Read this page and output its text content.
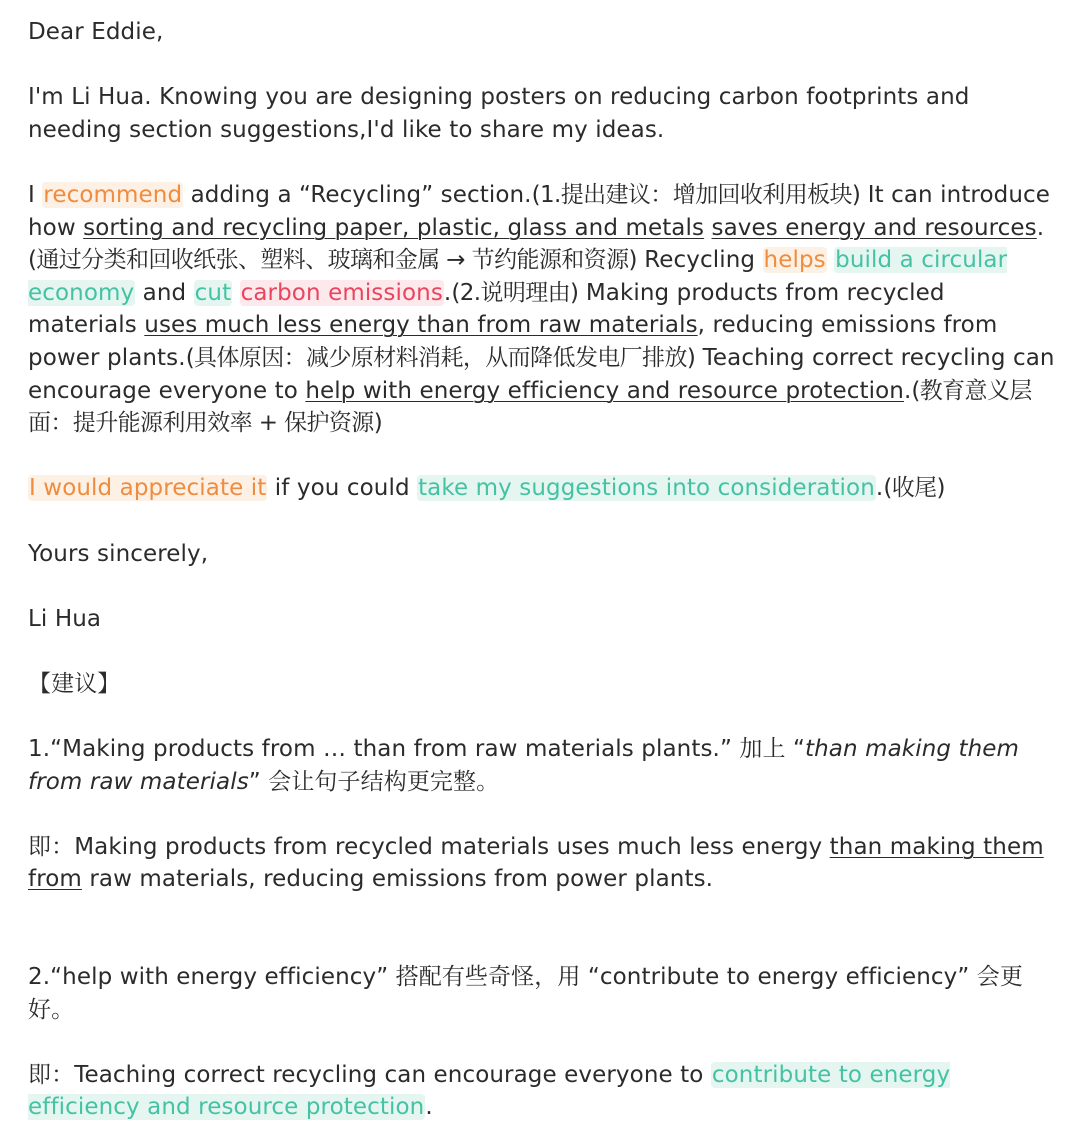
Dear Eddie,

I'm Li Hua. Knowing you are designing posters on reducing carbon footprints and needing section suggestions,I'd like to share my ideas.

I recommend adding a “Recycling” section.(1.提出建议：增加回收利用板块) It can introduce how sorting and recycling paper, plastic, glass and metals saves energy and resources.(通过分类和回收纸张、塑料、玻璃和金属 → 节约能源和资源) Recycling helps build a circular economy and cut carbon emissions.(2.说明理由) Making products from recycled materials uses much less energy than from raw materials, reducing emissions from power plants.(具体原因：减少原材料消耗，从而降低发电厂排放) Teaching correct recycling can encourage everyone to help with energy efficiency and resource protection.(教育意义层面：提升能源利用效率 + 保护资源)

I would appreciate it if you could take my suggestions into consideration.(收尾)

Yours sincerely,

Li Hua

【建议】

1.“Making products from … than from raw materials plants.” 加上 “than making them from raw materials” 会让句子结构更完整。

即：Making products from recycled materials uses much less energy than making them from raw materials, reducing emissions from power plants.

2.“help with energy efficiency” 搭配有些奇怪，用 “contribute to energy efficiency” 会更好。

即：Teaching correct recycling can encourage everyone to contribute to energy efficiency and resource protection.
